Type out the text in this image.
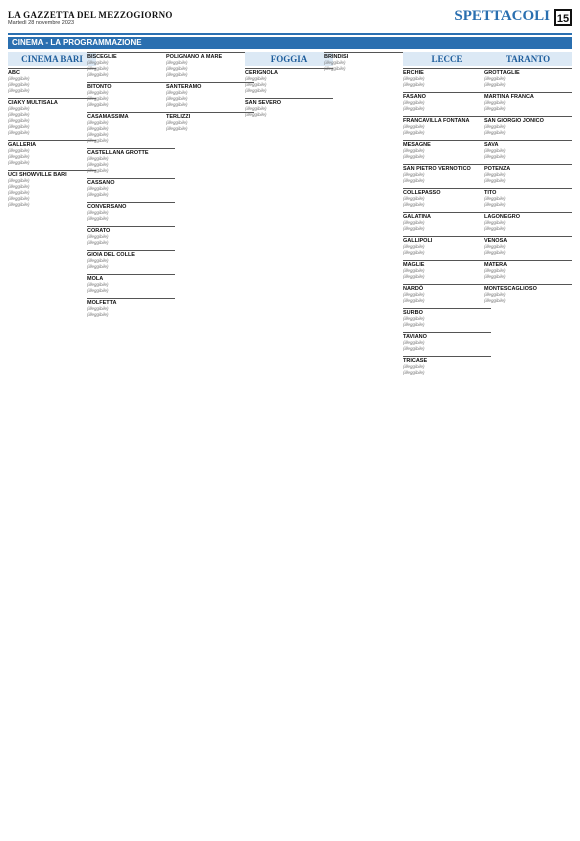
LA GAZZETTA DEL MEZZOGIORNO
Martedì 28 novembre 2023	SPETTACOLI 15
CINEMA - LA PROGRAMMAZIONE
CINEMA BARI
ABC
(illeggibile)
(illeggibile)
(illeggibile)
CIAKY MULTISALA
(illeggibile)
(illeggibile)
(illeggibile)
(illeggibile)
(illeggibile)
GALLERIA
(illeggibile)
(illeggibile)
(illeggibile)
UCI SHOWVILLE BARI
(illeggibile)
(illeggibile)
(illeggibile)
(illeggibile)
(illeggibile)
BISCEGLIE
(illeggibile)
(illeggibile)
(illeggibile)
BITONTO
(illeggibile)
(illeggibile)
(illeggibile)
CASAMASSIMA
(illeggibile)
(illeggibile)
(illeggibile)
(illeggibile)
CASTELLANA GROTTE
(illeggibile)
(illeggibile)
(illeggibile)
CASSANO
(illeggibile)
(illeggibile)
CONVERSANO
(illeggibile)
(illeggibile)
CORATO
(illeggibile)
(illeggibile)
GIOIA DEL COLLE
(illeggibile)
(illeggibile)
MOLA
(illeggibile)
(illeggibile)
MOLFETTA
(illeggibile)
(illeggibile)
POLIGNANO A MARE
(illeggibile)
(illeggibile)
(illeggibile)
SANTERAMO
(illeggibile)
(illeggibile)
(illeggibile)
TERLIZZI
(illeggibile)
(illeggibile)
FOGGIA
CERIGNOLA
(illeggibile)
(illeggibile)
(illeggibile)
SAN SEVERO
(illeggibile)
(illeggibile)
BRINDISI
(illeggibile)
(illeggibile)
LECCE
ERCHIE
(illeggibile)
(illeggibile)
FASANO
(illeggibile)
(illeggibile)
FRANCAVILLA FONTANA
(illeggibile)
(illeggibile)
MESAGNE
(illeggibile)
(illeggibile)
SAN PIETRO VERNOTICO
(illeggibile)
(illeggibile)
COLLEPASSO
(illeggibile)
(illeggibile)
GALATINA
(illeggibile)
(illeggibile)
GALLIPOLI
(illeggibile)
(illeggibile)
MAGLIE
(illeggibile)
(illeggibile)
NARDÒ
(illeggibile)
(illeggibile)
SURBO
(illeggibile)
(illeggibile)
TAVIANO
(illeggibile)
(illeggibile)
TRICASE
(illeggibile)
(illeggibile)
TARANTO
GROTTAGLIE
(illeggibile)
(illeggibile)
MARTINA FRANCA
(illeggibile)
(illeggibile)
SAN GIORGIO JONICO
(illeggibile)
(illeggibile)
SAVA
(illeggibile)
(illeggibile)
POTENZA
(illeggibile)
(illeggibile)
TITO
(illeggibile)
(illeggibile)
LAGONEGRO
(illeggibile)
(illeggibile)
VENOSA
(illeggibile)
(illeggibile)
MATERA
(illeggibile)
(illeggibile)
MONTESCAGLIOSO
(illeggibile)
(illeggibile)
